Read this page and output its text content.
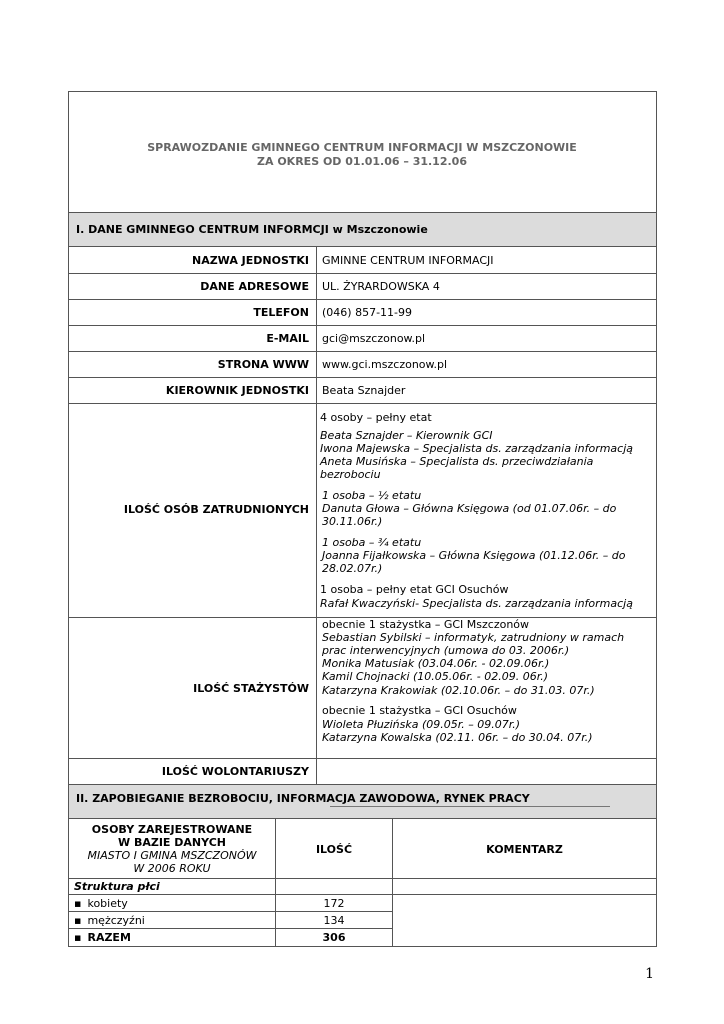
SPRAWOZDANIE GMINNEGO CENTRUM INFORMACJI W MSZCZONOWIE
ZA OKRES OD 01.01.06 – 31.12.06
I. DANE GMINNEGO CENTRUM INFORMCJI w Mszczonowie
NAZWA JEDNOSTKI GMINNE CENTRUM INFORMACJI
DANE ADRESOWE UL. ŻYRARDOWSKA 4
TELEFON (046) 857-11-99
E-MAIL gci@mszczonow.pl
STRONA WWW www.gci.mszczonow.pl
KIEROWNIK JEDNOSTKI Beata Sznajder
ILOŚĆ OSÓB ZATRUDNIONYCH
4 osoby – pełny etat
Beata Sznajder – Kierownik GCI
Iwona Majewska – Specjalista ds. zarządzania informacją
Aneta Musińska – Specjalista ds. przeciwdziałania
bezrobociu
1 osoba – ½ etatu
Danuta Głowa – Główna Księgowa (od 01.07.06r. – do
30.11.06r.)
1 osoba – ¾ etatu
Joanna Fijałkowska – Główna Księgowa (01.12.06r. – do
28.02.07r.)
1 osoba – pełny etat GCI Osuchów
Rafał Kwaczyński- Specjalista ds. zarządzania informacją
ILOŚĆ STAŻYSTÓW
obecnie 1 stażystka – GCI Mszczonów
Sebastian Sybilski – informatyk, zatrudniony w ramach
prac interwencyjnych (umowa do 03. 2006r.)
Monika Matusiak (03.04.06r. - 02.09.06r.)
Kamil Chojnacki (10.05.06r. - 02.09. 06r.)
Katarzyna Krakowiak (02.10.06r. – do 31.03. 07r.)
obecnie 1 stażystka – GCI Osuchów
Wioleta Płuzińska (09.05r. – 09.07r.)
Katarzyna Kowalska (02.11. 06r. – do 30.04. 07r.)
ILOŚĆ WOLONTARIUSZY
II. ZAPOBIEGANIE BEZROBOCIU, INFORMACJA ZAWODOWA, RYNEK PRACY
OSOBY ZAREJESTROWANE
W BAZIE DANYCH
MIASTO I GMINA MSZCZONÓW
W 2006 ROKU
ILOŚĆ	KOMENTARZ
Struktura płci
▪ kobiety	172
▪ mężczyźni	134
▪ RAZEM	306
1
